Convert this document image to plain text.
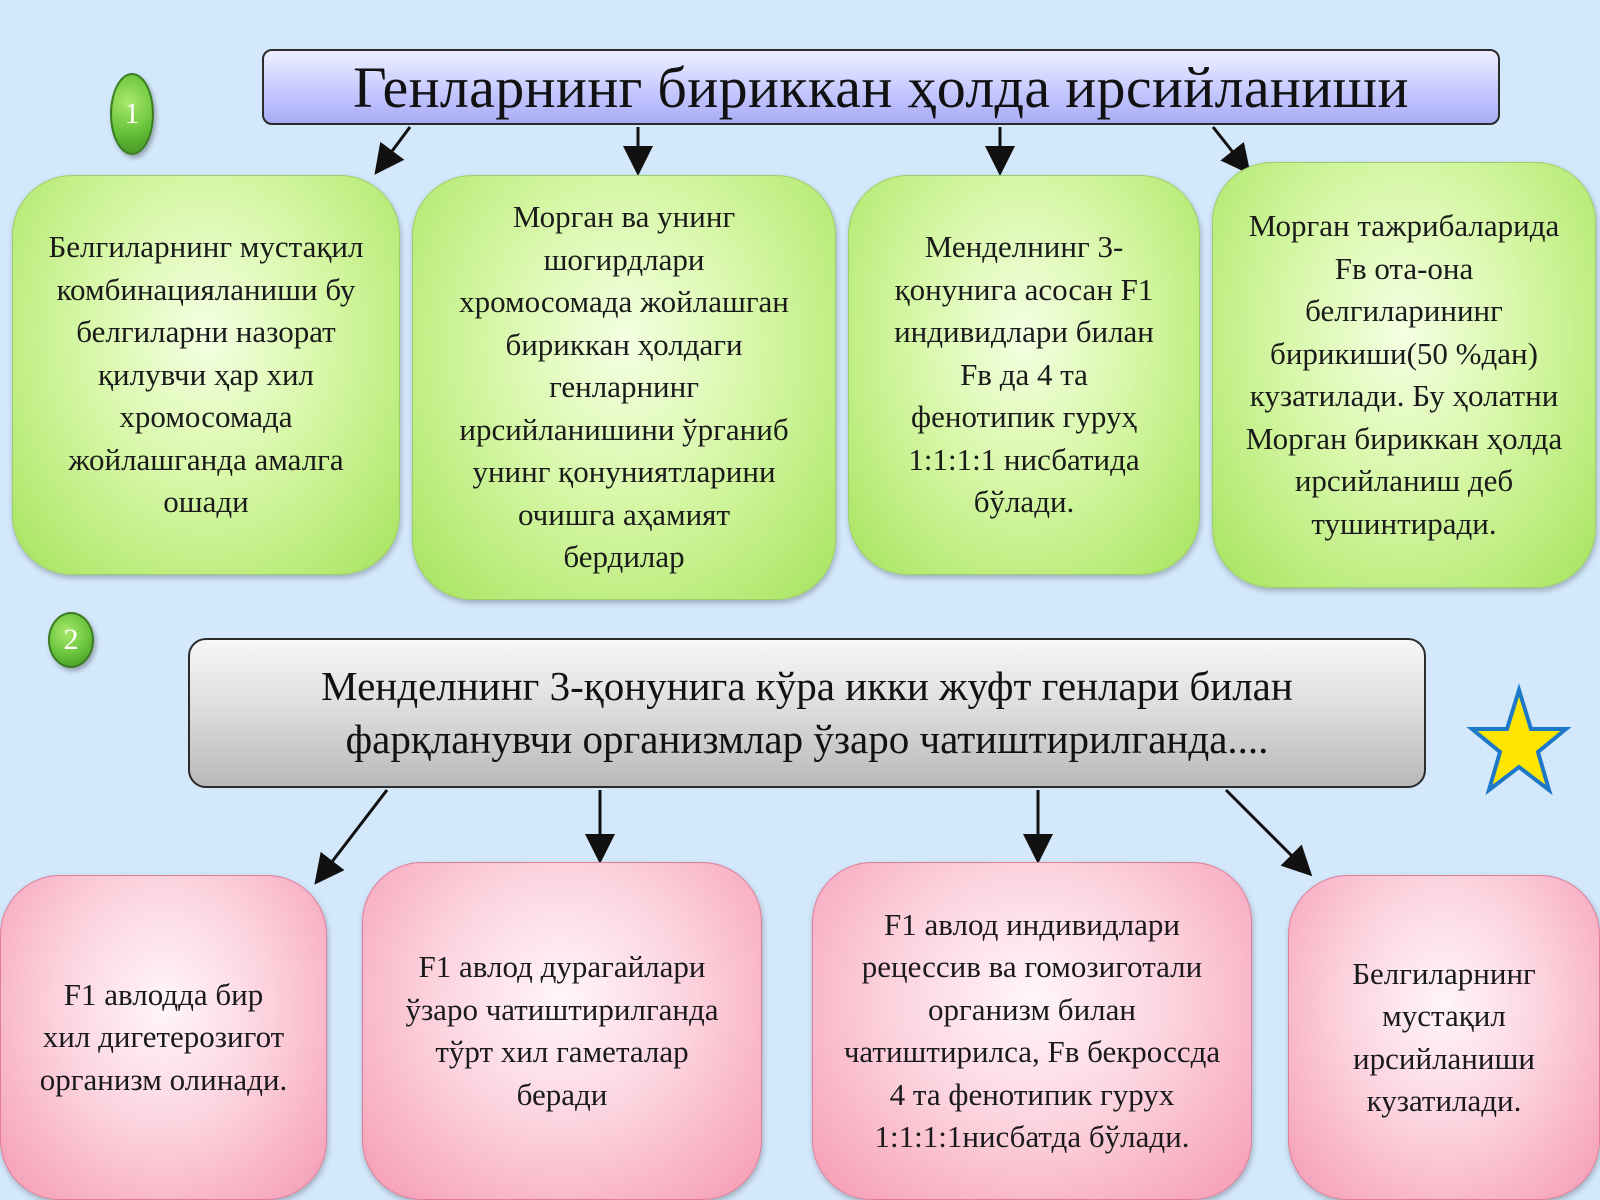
1	Генларнинг бириккан ҳолда ирсийланиши
Белгиларнинг мустақил комбинацияланиши бу белгиларни назорат қилувчи ҳар хил хромосомада жойлашганда амалга ошади
Морган ва унинг шогирдлари хромосомада жойлашган бириккан ҳолдаги генларнинг ирсийланишини ўрганиб унинг қонуниятларини очишга аҳамият бердилар
Менделнинг 3-қонунига асосан F1 индивидлари билан Fв да 4 та фенотипик гуруҳ 1:1:1:1 нисбатида бўлади.
Морган тажрибаларида Fв ота-она белгиларининг бирикиши(50 %дан) кузатилади. Бу ҳолатни Морган бириккан ҳолда ирсийланиш деб тушинтиради.
2
Менделнинг 3-қонунига кўра икки жуфт генлари билан фарқланувчи организмлар ўзаро чатиштирилганда....
F1 авлодда бир хил дигетерозигот организм олинади.
F1 авлод дурагайлари ўзаро чатиштирилганда тўрт хил гаметалар беради
F1 авлод индивидлари рецессив ва гомозиготали организм билан чатиштирилса, Fв бекроссда 4 та фенотипик гурух 1:1:1:1нисбатда бўлади.
Белгиларнинг мустақил ирсийланиши кузатилади.
